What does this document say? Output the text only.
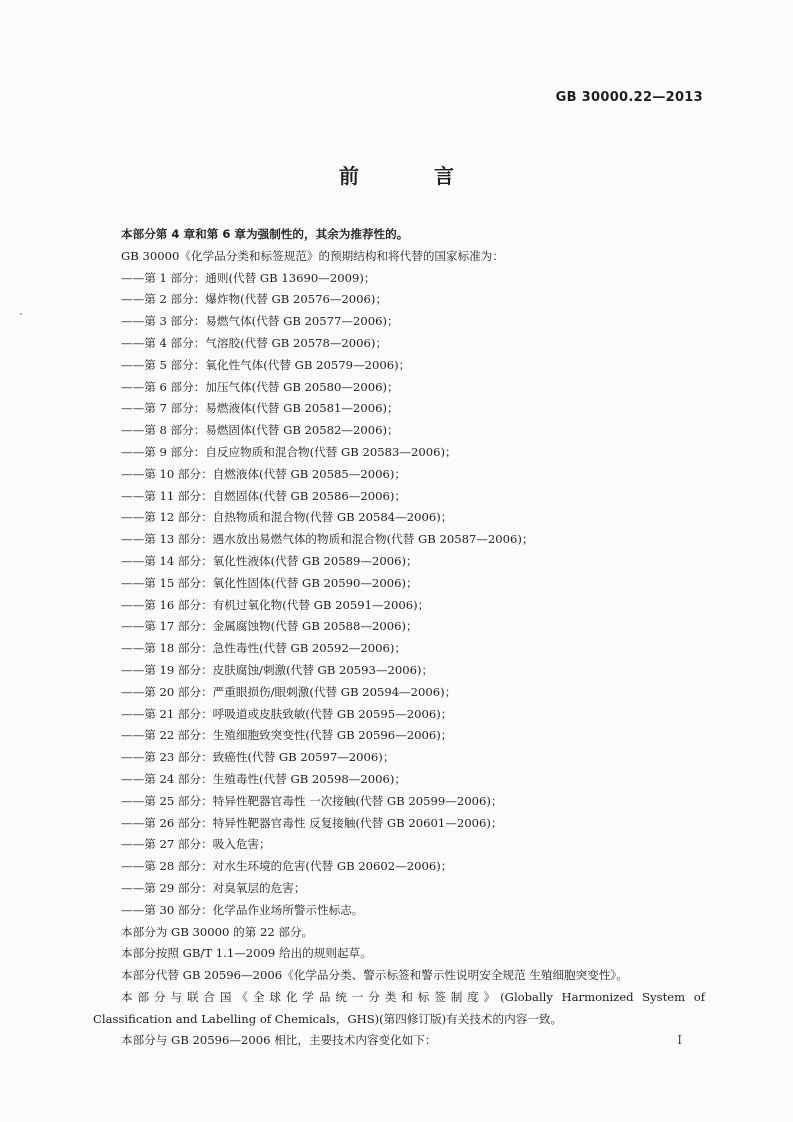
GB 30000.22—2013
前 言
本部分第 4 章和第 6 章为强制性的，其余为推荐性的。
GB 30000《化学品分类和标签规范》的预期结构和将代替的国家标准为：
——第 1 部分：通则(代替 GB 13690—2009)；
——第 2 部分：爆炸物(代替 GB 20576—2006)；
——第 3 部分：易燃气体(代替 GB 20577—2006)；
——第 4 部分：气溶胶(代替 GB 20578—2006)；
——第 5 部分：氧化性气体(代替 GB 20579—2006)；
——第 6 部分：加压气体(代替 GB 20580—2006)；
——第 7 部分：易燃液体(代替 GB 20581—2006)；
——第 8 部分：易燃固体(代替 GB 20582—2006)；
——第 9 部分：自反应物质和混合物(代替 GB 20583—2006)；
——第 10 部分：自燃液体(代替 GB 20585—2006)；
——第 11 部分：自燃固体(代替 GB 20586—2006)；
——第 12 部分：自热物质和混合物(代替 GB 20584—2006)；
——第 13 部分：遇水放出易燃气体的物质和混合物(代替 GB 20587—2006)；
——第 14 部分：氧化性液体(代替 GB 20589—2006)；
——第 15 部分：氧化性固体(代替 GB 20590—2006)；
——第 16 部分：有机过氧化物(代替 GB 20591—2006)；
——第 17 部分：金属腐蚀物(代替 GB 20588—2006)；
——第 18 部分：急性毒性(代替 GB 20592—2006)；
——第 19 部分：皮肤腐蚀/刺激(代替 GB 20593—2006)；
——第 20 部分：严重眼损伤/眼刺激(代替 GB 20594—2006)；
——第 21 部分：呼吸道或皮肤致敏(代替 GB 20595—2006)；
——第 22 部分：生殖细胞致突变性(代替 GB 20596—2006)；
——第 23 部分：致癌性(代替 GB 20597—2006)；
——第 24 部分：生殖毒性(代替 GB 20598—2006)；
——第 25 部分：特异性靶器官毒性 一次接触(代替 GB 20599—2006)；
——第 26 部分：特异性靶器官毒性 反复接触(代替 GB 20601—2006)；
——第 27 部分：吸入危害；
——第 28 部分：对水生环境的危害(代替 GB 20602—2006)；
——第 29 部分：对臭氧层的危害；
——第 30 部分：化学品作业场所警示性标志。
本部分为 GB 30000 的第 22 部分。
本部分按照 GB/T 1.1—2009 给出的规则起草。
本部分代替 GB 20596—2006《化学品分类、警示标签和警示性说明安全规范 生殖细胞突变性》。
本部分与联合国《全球化学品统一分类和标签制度》(Globally Harmonized System of
Classification and Labelling of Chemicals，GHS)(第四修订版)有关技术的内容一致。
本部分与 GB 20596—2006 相比，主要技术内容变化如下：	I
